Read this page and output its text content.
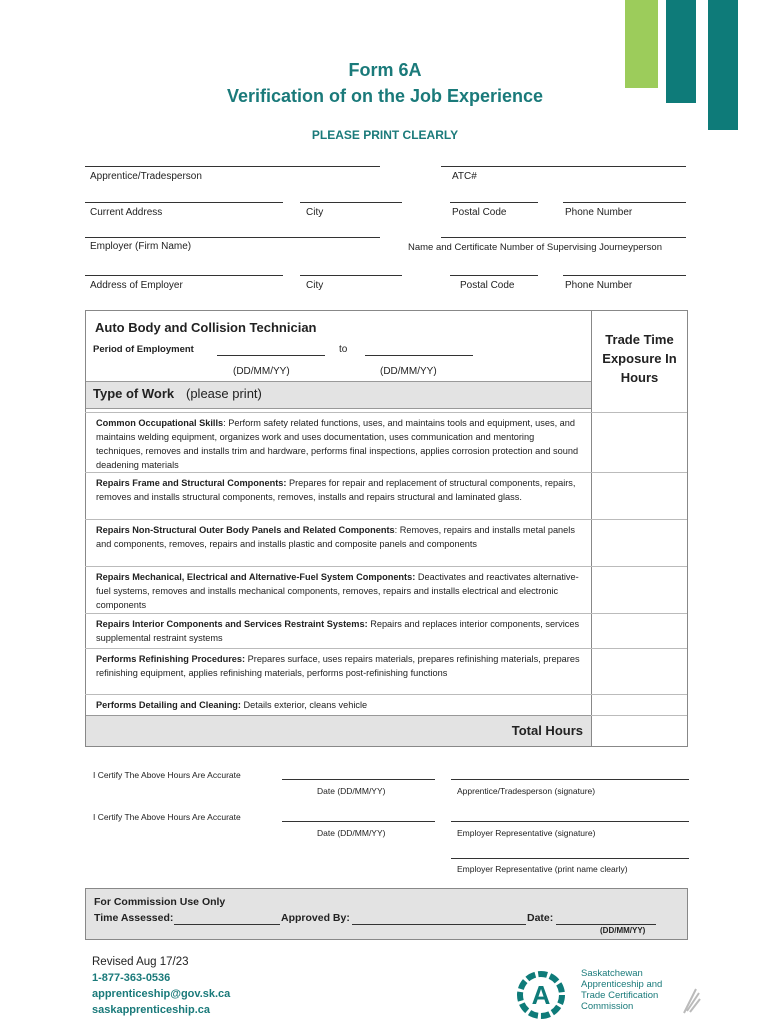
Form 6A
Verification of on the Job Experience
PLEASE PRINT CLEARLY
Apprentice/Tradesperson	ATC#
Current Address	City	Postal Code	Phone Number
Employer (Firm Name)	Name and Certificate Number of Supervising Journeyperson
Address of Employer	City	Postal Code	Phone Number
Auto Body and Collision Technician
Period of Employment	to
(DD/MM/YY)	(DD/MM/YY)
Trade Time Exposure In Hours
Type of Work (please print)
Common Occupational Skills: Perform safety related functions, uses, and maintains tools and equipment, uses, and maintains welding equipment, organizes work and uses documentation, uses communication and mentoring techniques, removes and installs trim and hardware, performs final inspections, applies corrosion protection and sound deadening materials
Repairs Frame and Structural Components: Prepares for repair and replacement of structural components, repairs, removes and installs structural components, removes, installs and repairs structural and laminated glass.
Repairs Non-Structural Outer Body Panels and Related Components: Removes, repairs and installs metal panels and components, removes, repairs and installs plastic and composite panels and components
Repairs Mechanical, Electrical and Alternative-Fuel System Components: Deactivates and reactivates alternative-fuel systems, removes and installs mechanical components, removes, repairs and installs electrical and electronic components
Repairs Interior Components and Services Restraint Systems: Repairs and replaces interior components, services supplemental restraint systems
Performs Refinishing Procedures: Prepares surface, uses repairs materials, prepares refinishing materials, prepares refinishing equipment, applies refinishing materials, performs post-refinishing functions
Performs Detailing and Cleaning: Details exterior, cleans vehicle
Total Hours
I Certify The Above Hours Are Accurate
Date (DD/MM/YY)	Apprentice/Tradesperson (signature)
I Certify The Above Hours Are Accurate
Date (DD/MM/YY)	Employer Representative (signature)
Employer Representative (print name clearly)
For Commission Use Only
Time Assessed:	Approved By:	Date:
(DD/MM/YY)
Revised Aug 17/23
1-877-363-0536
apprenticeship@gov.sk.ca
saskapprenticeship.ca	A
Saskatchewan
Apprenticeship and
Trade Certification
Commission
